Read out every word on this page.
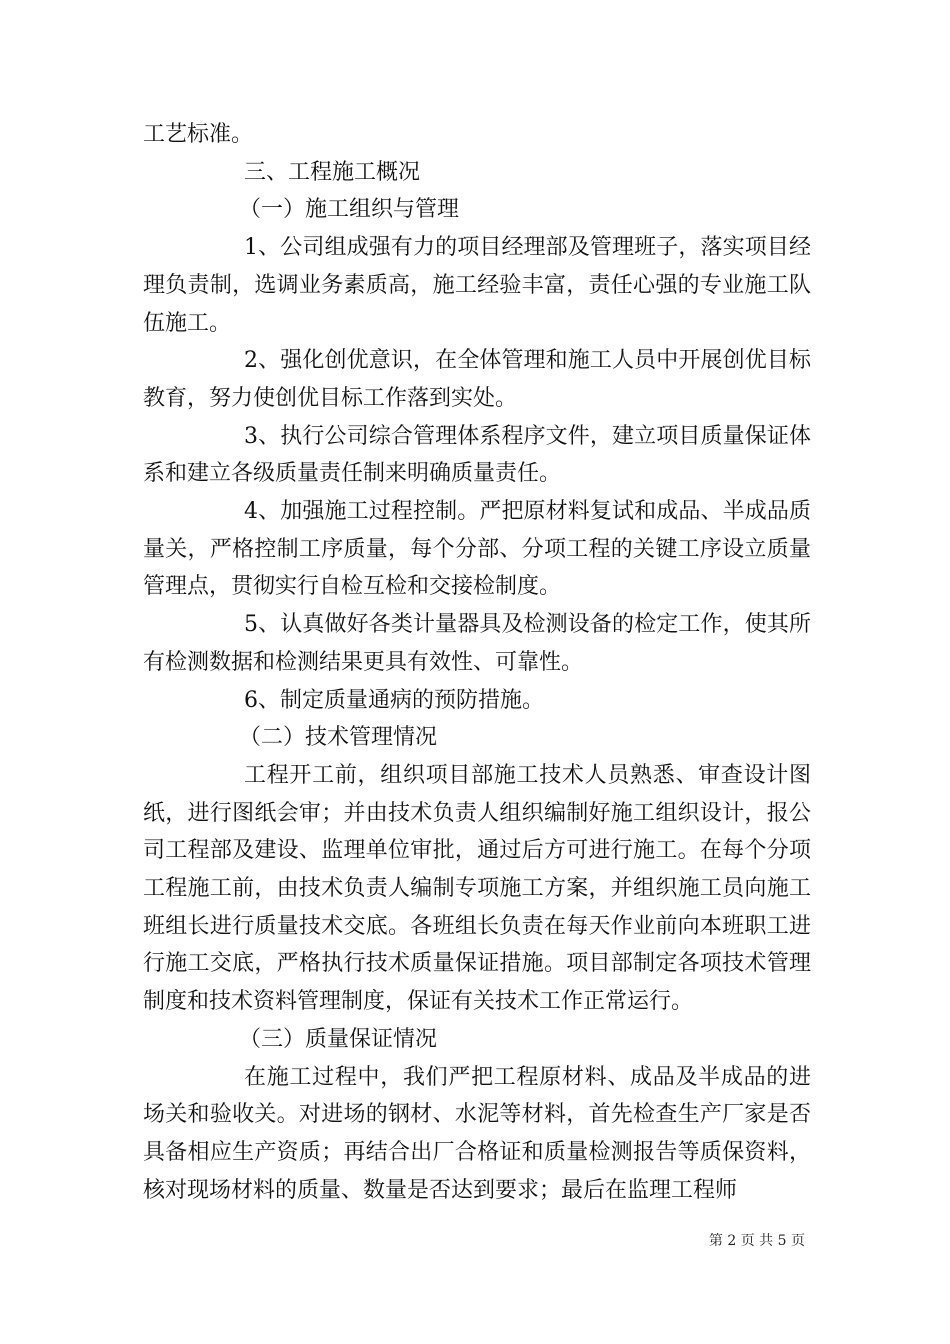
工艺标准。

三、工程施工概况

（一）施工组织与管理

1、公司组成强有力的项目经理部及管理班子，落实项目经理负责制，选调业务素质高，施工经验丰富，责任心强的专业施工队伍施工。

2、强化创优意识，在全体管理和施工人员中开展创优目标教育，努力使创优目标工作落到实处。

3、执行公司综合管理体系程序文件，建立项目质量保证体系和建立各级质量责任制来明确质量责任。

4、加强施工过程控制。严把原材料复试和成品、半成品质量关，严格控制工序质量，每个分部、分项工程的关键工序设立质量管理点，贯彻实行自检互检和交接检制度。

5、认真做好各类计量器具及检测设备的检定工作，使其所有检测数据和检测结果更具有效性、可靠性。

6、制定质量通病的预防措施。

（二）技术管理情况

工程开工前，组织项目部施工技术人员熟悉、审查设计图纸，进行图纸会审；并由技术负责人组织编制好施工组织设计，报公司工程部及建设、监理单位审批，通过后方可进行施工。在每个分项工程施工前，由技术负责人编制专项施工方案，并组织施工员向施工班组长进行质量技术交底。各班组长负责在每天作业前向本班职工进行施工交底，严格执行技术质量保证措施。项目部制定各项技术管理制度和技术资料管理制度，保证有关技术工作正常运行。

（三）质量保证情况

在施工过程中，我们严把工程原材料、成品及半成品的进场关和验收关。对进场的钢材、水泥等材料，首先检查生产厂家是否具备相应生产资质；再结合出厂合格证和质量检测报告等质保资料，核对现场材料的质量、数量是否达到要求；最后在监理工程师

第 2 页 共 5 页
